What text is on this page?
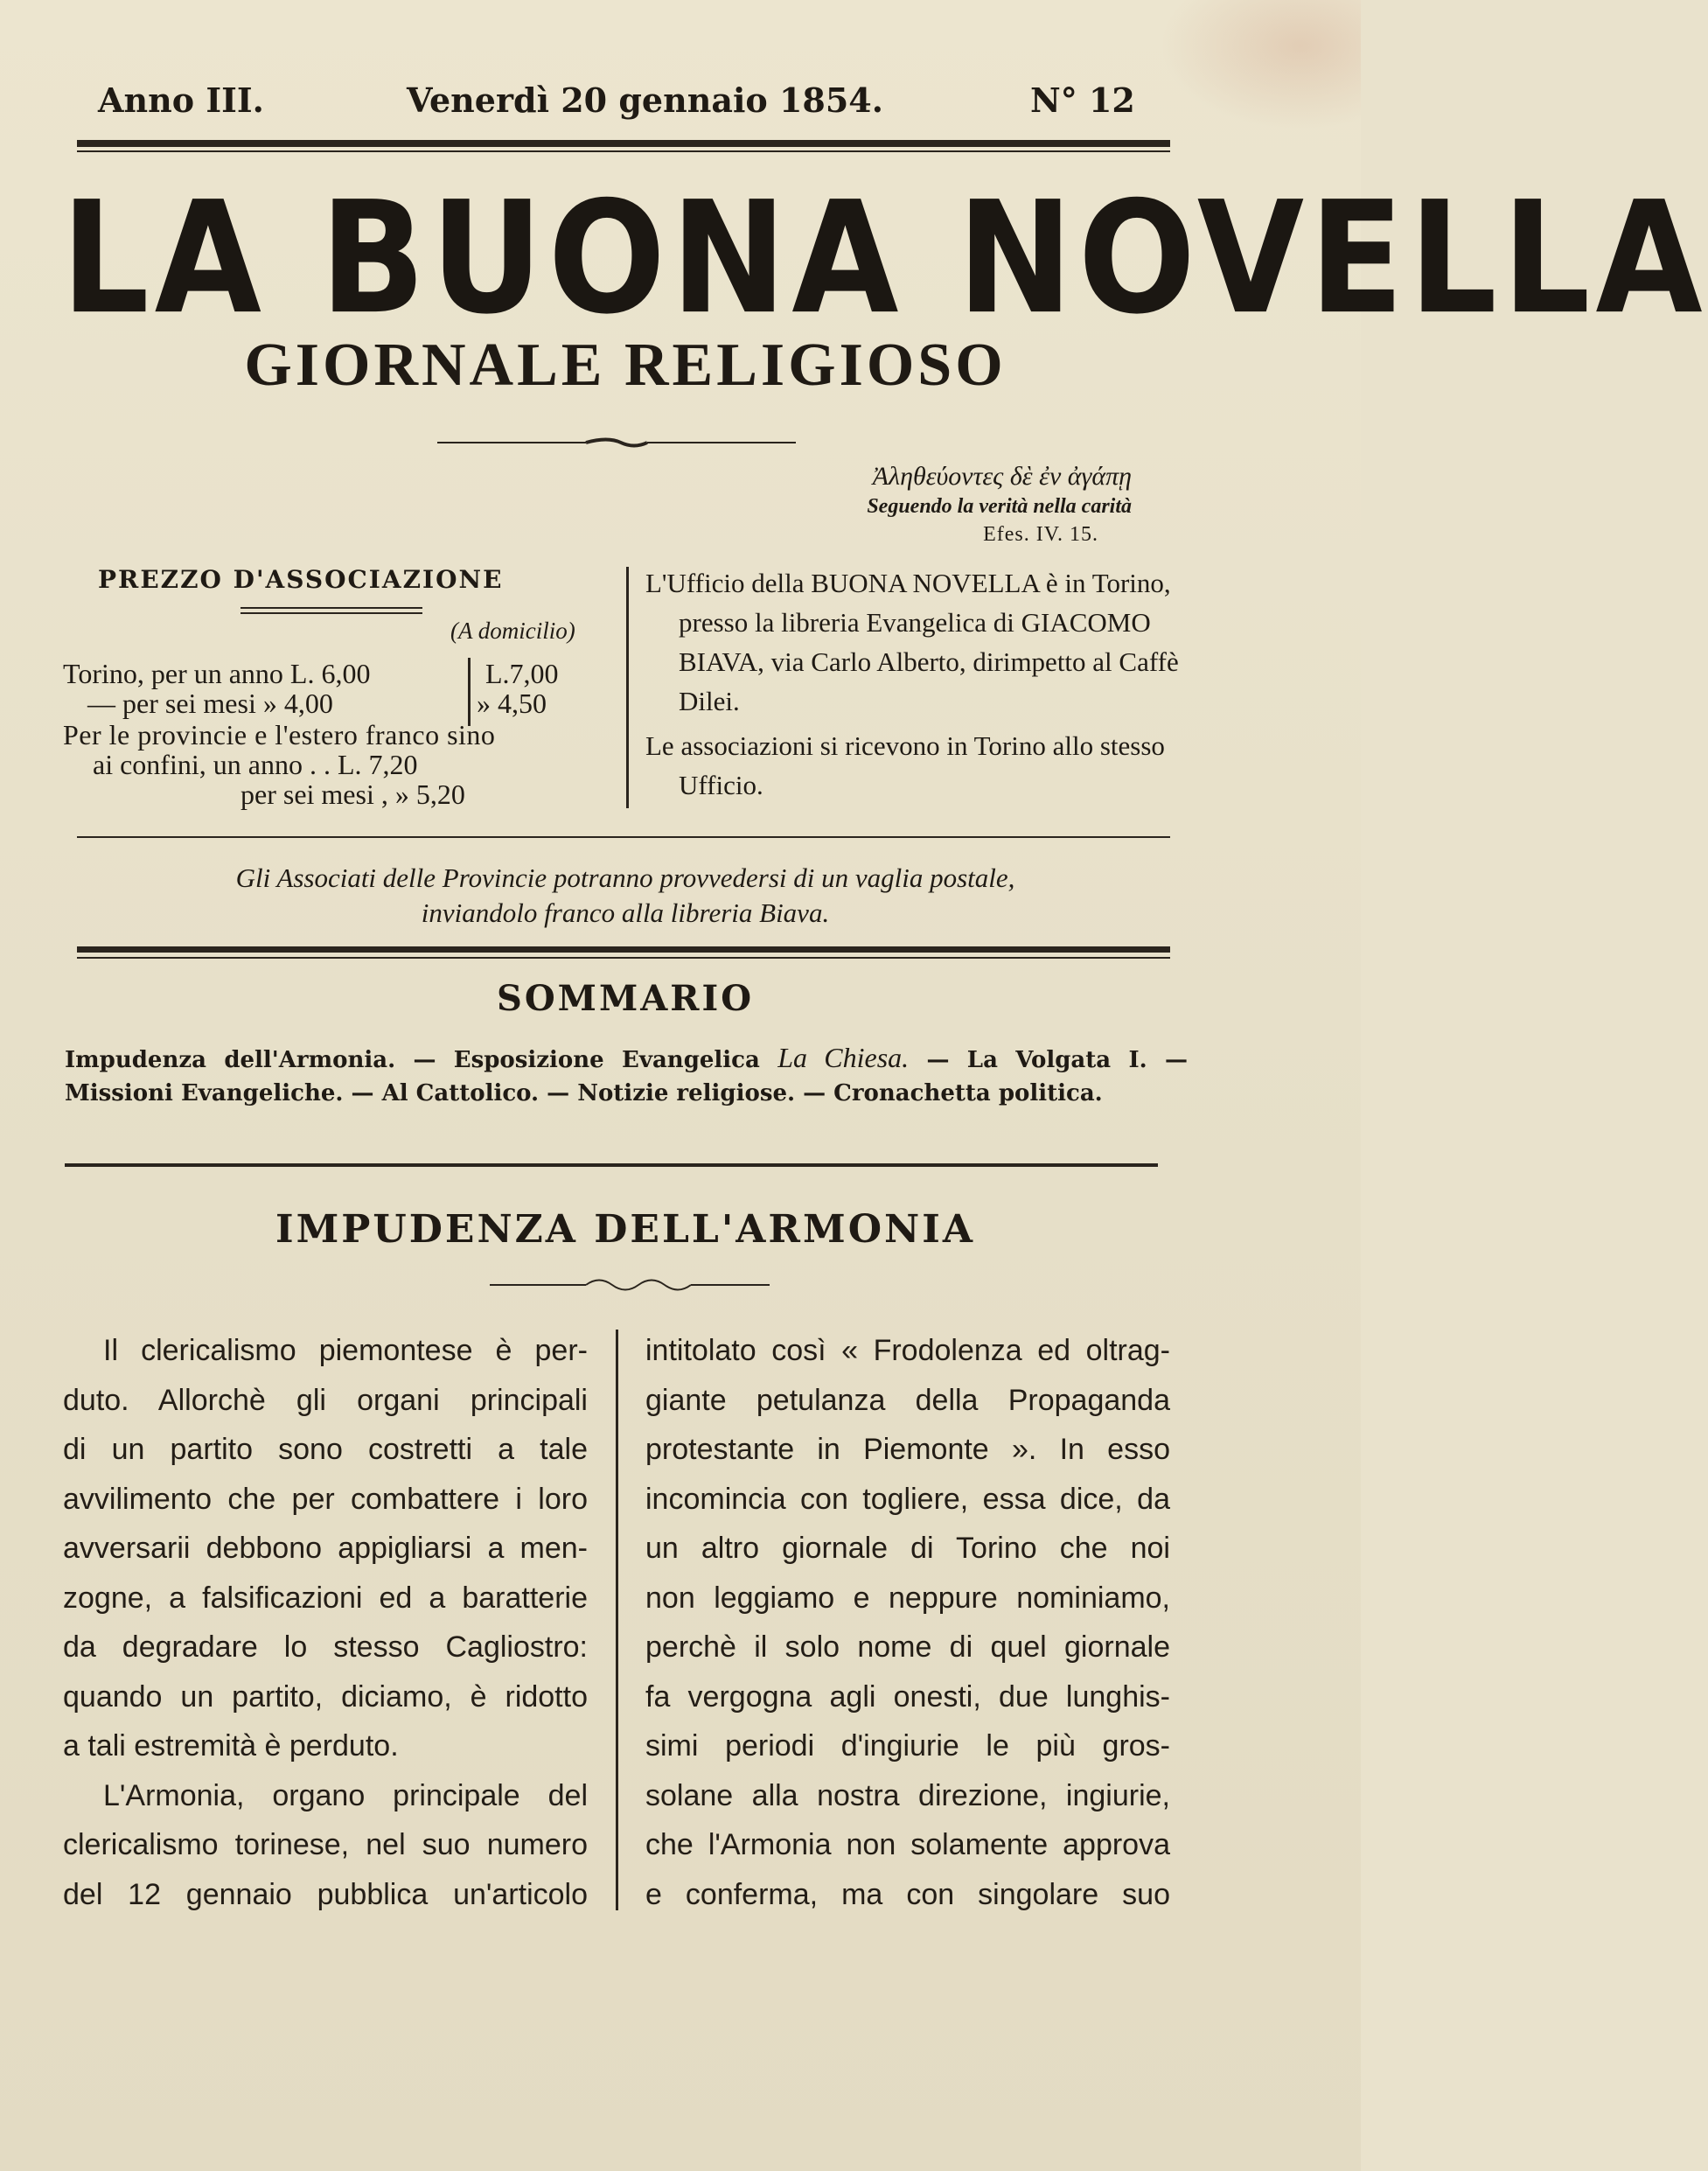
Anno III.	Venerdì 20 gennaio 1854.	N° 12
LA BUONA NOVELLA
GIORNALE RELIGIOSO
Ἀληθεύοντες δὲ ἐν ἀγάπῃ
Seguendo la verità nella carità
Efes. IV. 15.
PREZZO D'ASSOCIAZIONE
(A domicilio)
Torino, per un anno L. 6,00	L.7,00
— per sei mesi » 4,00	» 4,50
Per le provincie e l'estero franco sino
ai confini, un anno . . L. 7,20
per sei mesi , » 5,20

L'Ufficio della BUONA NOVELLA è in Torino, presso la libreria Evangelica di GIACOMO BIAVA, via Carlo Alberto, dirimpetto al Caffè Dilei.

Le associazioni si ricevono in Torino allo stesso Ufficio.

Gli Associati delle Provincie potranno provvedersi di un vaglia postale,
inviandolo franco alla libreria Biava.
SOMMARIO
Impudenza dell'Armonia. — Esposizione Evangelica La Chiesa. — La Volgata I. — Missioni Evangeliche. — Al Cattolico. — Notizie religiose. — Cronachetta politica.
IMPUDENZA DELL'ARMONIA
Il clericalismo piemontese è per-
duto. Allorchè gli organi principali
di un partito sono costretti a tale
avvilimento che per combattere i loro
avversarii debbono appigliarsi a men-
zogne, a falsificazioni ed a baratterie
da degradare lo stesso Cagliostro:
quando un partito, diciamo, è ridotto
a tali estremità è perduto.
L'Armonia, organo principale del
clericalismo torinese, nel suo numero
del 12 gennaio pubblica un'articolo
intitolato così « Frodolenza ed oltrag-
giante petulanza della Propaganda
protestante in Piemonte ». In esso
incomincia con togliere, essa dice, da
un altro giornale di Torino che noi
non leggiamo e neppure nominiamo,
perchè il solo nome di quel giornale
fa vergogna agli onesti, due lunghis-
simi periodi d'ingiurie le più gros-
solane alla nostra direzione, ingiurie,
che l'Armonia non solamente approva
e conferma, ma con singolare suo
